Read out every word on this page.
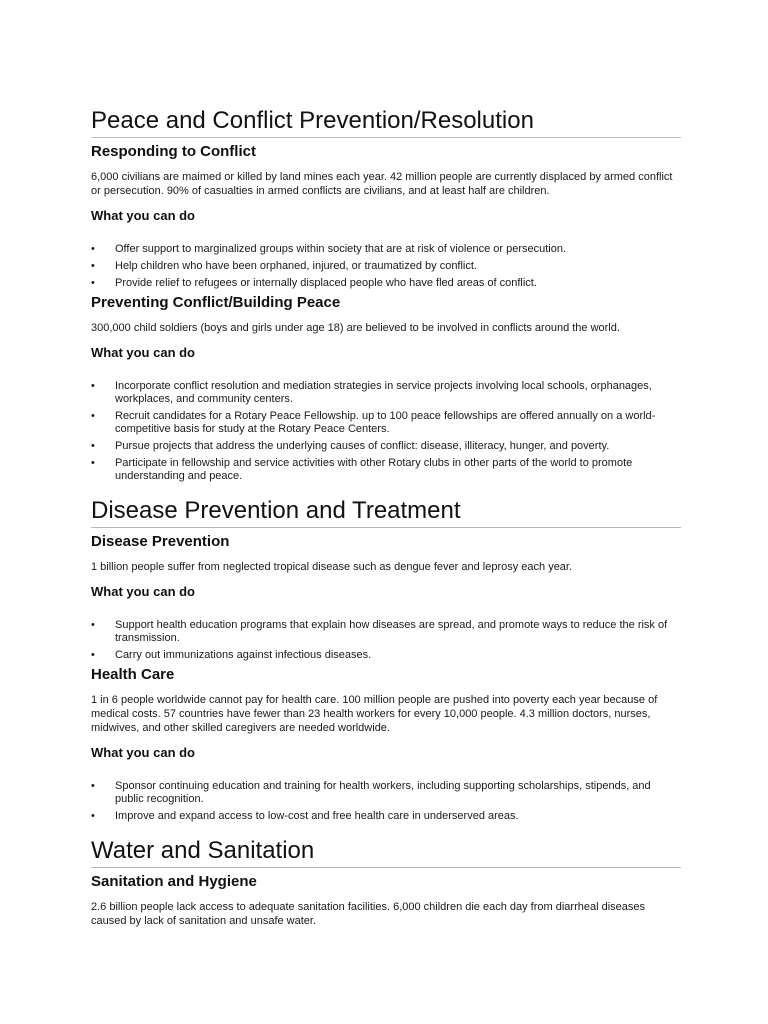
Peace and Conflict Prevention/Resolution
Responding to Conflict
6,000 civilians are maimed or killed by land mines each year. 42 million people are currently displaced by armed conflict or persecution. 90% of casualties in armed conflicts are civilians, and at least half are children.
What you can do
• Offer support to marginalized groups within society that are at risk of violence or persecution.
• Help children who have been orphaned, injured, or traumatized by conflict.
• Provide relief to refugees or internally displaced people who have fled areas of conflict.
Preventing Conflict/Building Peace
300,000 child soldiers (boys and girls under age 18) are believed to be involved in conflicts around the world.
What you can do
• Incorporate conflict resolution and mediation strategies in service projects involving local schools, orphanages, workplaces, and community centers.
• Recruit candidates for a Rotary Peace Fellowship. up to 100 peace fellowships are offered annually on a world-competitive basis for study at the Rotary Peace Centers.
• Pursue projects that address the underlying causes of conflict: disease, illiteracy, hunger, and poverty.
• Participate in fellowship and service activities with other Rotary clubs in other parts of the world to promote understanding and peace.
Disease Prevention and Treatment
Disease Prevention
1 billion people suffer from neglected tropical disease such as dengue fever and leprosy each year.
What you can do
• Support health education programs that explain how diseases are spread, and promote ways to reduce the risk of transmission.
• Carry out immunizations against infectious diseases.
Health Care
1 in 6 people worldwide cannot pay for health care. 100 million people are pushed into poverty each year because of medical costs. 57 countries have fewer than 23 health workers for every 10,000 people. 4.3 million doctors, nurses, midwives, and other skilled caregivers are needed worldwide.
What you can do
• Sponsor continuing education and training for health workers, including supporting scholarships, stipends, and public recognition.
• Improve and expand access to low-cost and free health care in underserved areas.
Water and Sanitation
Sanitation and Hygiene
2.6 billion people lack access to adequate sanitation facilities. 6,000 children die each day from diarrheal diseases caused by lack of sanitation and unsafe water.
